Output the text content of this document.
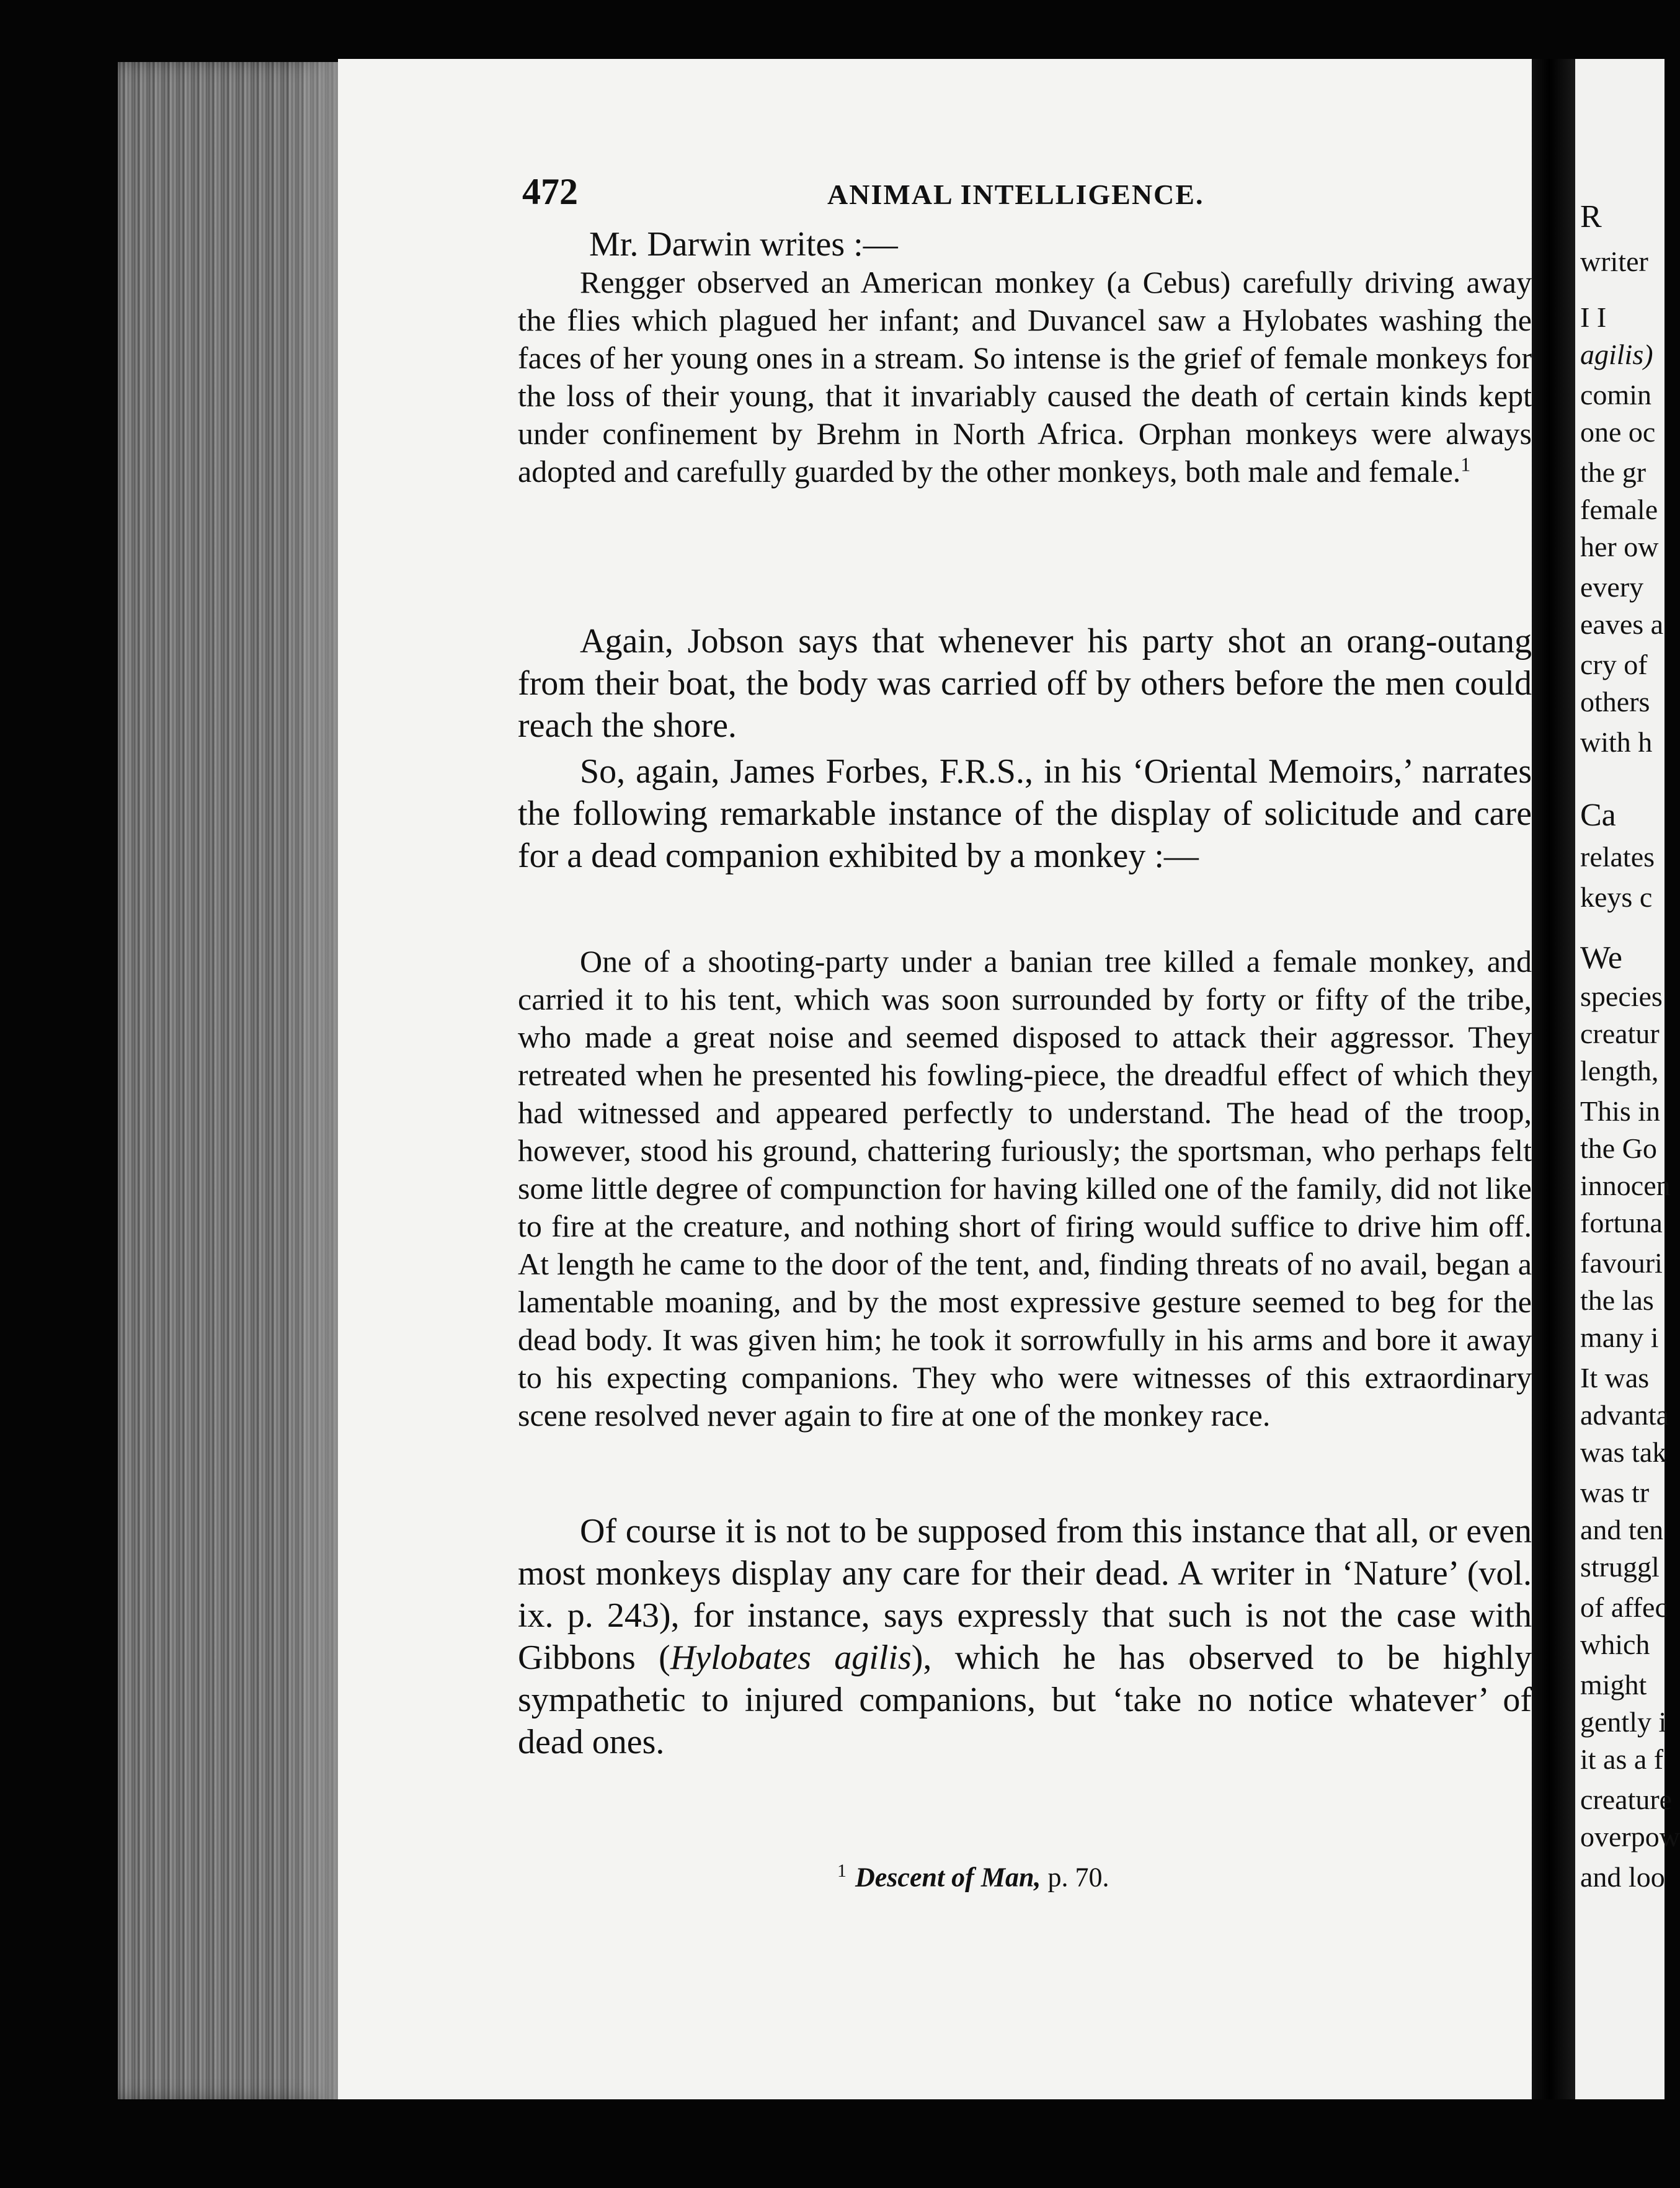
472	ANIMAL INTELLIGENCE.

Mr. Darwin writes :—

Rengger observed an American monkey (a Cebus) carefully driving away the flies which plagued her infant; and Duvancel saw a Hylobates washing the faces of her young ones in a stream. So intense is the grief of female monkeys for the loss of their young, that it invariably caused the death of certain kinds kept under confinement by Brehm in North Africa. Orphan monkeys were always adopted and carefully guarded by the other monkeys, both male and female.$^1$

Again, Jobson says that whenever his party shot an orang-outang from their boat, the body was carried off by others before the men could reach the shore.

So, again, James Forbes, F.R.S., in his ‘Oriental Memoirs,’ narrates the following remarkable instance of the display of solicitude and care for a dead companion exhibited by a monkey :—

One of a shooting-party under a banian tree killed a female monkey, and carried it to his tent, which was soon surrounded by forty or fifty of the tribe, who made a great noise and seemed disposed to attack their aggressor. They retreated when he presented his fowling-piece, the dreadful effect of which they had witnessed and appeared perfectly to understand. The head of the troop, however, stood his ground, chattering furiously; the sportsman, who perhaps felt some little degree of compunction for having killed one of the family, did not like to fire at the creature, and nothing short of firing would suffice to drive him off. At length he came to the door of the tent, and, finding threats of no avail, began a lamentable moaning, and by the most expressive gesture seemed to beg for the dead body. It was given him; he took it sorrowfully in his arms and bore it away to his expecting companions. They who were witnesses of this extraordinary scene resolved never again to fire at one of the monkey race.

Of course it is not to be supposed from this instance that all, or even most monkeys display any care for their dead. A writer in ‘Nature’ (vol. ix. p. 243), for instance, says expressly that such is not the case with Gibbons (Hylobates agilis), which he has observed to be highly sympathetic to injured companions, but ‘take no notice whatever’ of dead ones.

$^1$ Descent of Man, p. 70.
R
writer
I I
agilis)
comin
one oc
the gr
female
her ow
every
eaves a
cry of
others
with h
Ca
relates
keys c
We
species
creatur
length,
This in
the Go
innocen
fortuna
favouri
the las
many i
It was
advanta
was tak
was tr
and ten
struggl
of affec
which
might
gently i
it as a f
creature
overpow
and loo
